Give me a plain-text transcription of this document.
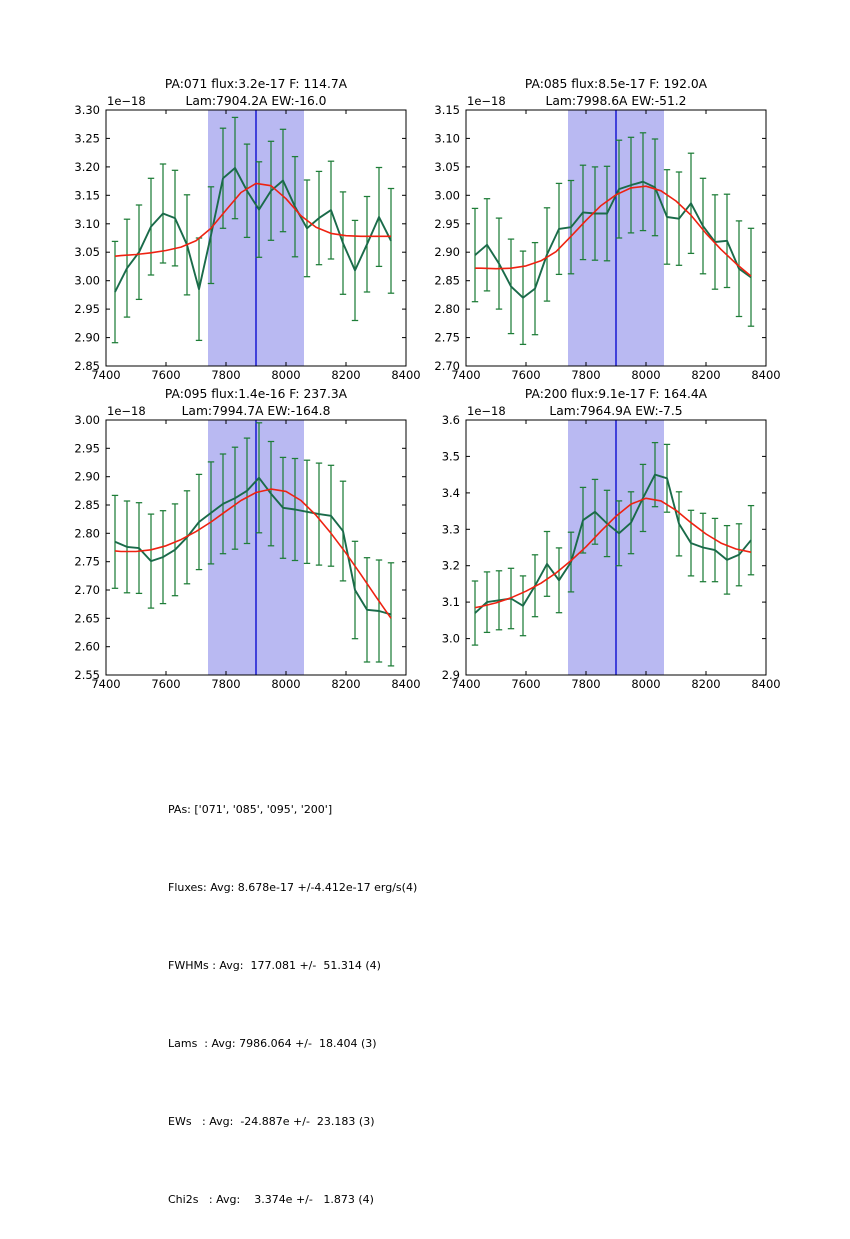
7400	7600	7800	8000	8200	8400
3.30
3.25
3.20
3.15
3.10
3.05
3.00
2.95
2.90
2.85
1e−18
7400	7600	7800	8000	8200	8400
3.15
3.10
3.05
3.00
2.95
2.90
2.85
2.80
2.75
2.70
1e−18
7400	7600	7800	8000	8200	8400
3.00
2.95
2.90
2.85
2.80
2.75
2.70
2.65
2.60
2.55
1e−18
7400	7600	7800	8000	8200	8400
3.6
3.5
3.4
3.3
3.2
3.1
3.0
2.9
1e−18
PA:071 flux:3.2e-17 F: 114.7A
Lam:7904.2A EW:-16.0
PA:085 flux:8.5e-17 F: 192.0A
Lam:7998.6A EW:-51.2
PA:095 flux:1.4e-16 F: 237.3A
Lam:7994.7A EW:-164.8
PA:200 flux:9.1e-17 F: 164.4A
Lam:7964.9A EW:-7.5

PAs: ['071', '085', '095', '200']

Fluxes: Avg: 8.678e-17 +/-4.412e-17 erg/s(4)

FWHMs : Avg:  177.081 +/-  51.314 (4)

Lams  : Avg: 7986.064 +/-  18.404 (3)

EWs   : Avg:  -24.887e +/-  23.183 (3)

Chi2s   : Avg:    3.374e +/-   1.873 (4)
